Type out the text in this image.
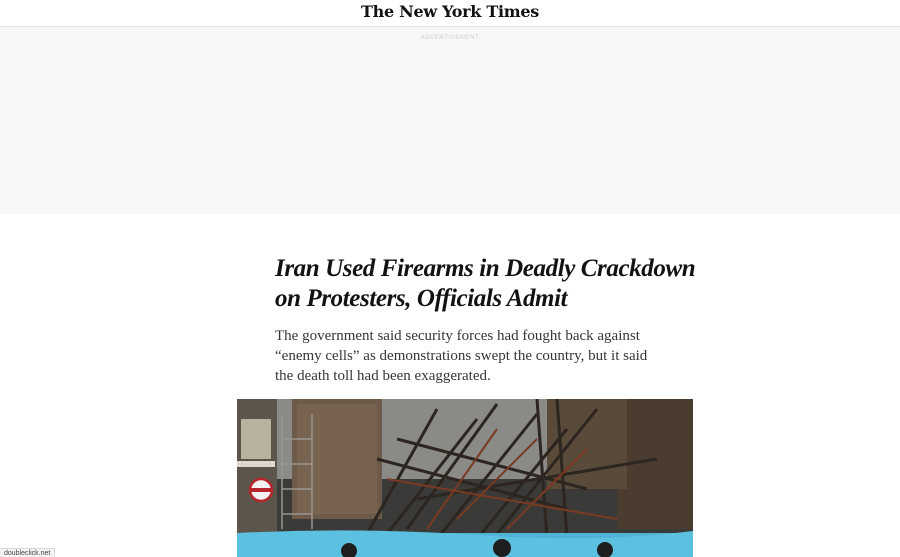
The New York Times
ADVERTISEMENT
Iran Used Firearms in Deadly Crackdown on Protesters, Officials Admit

The government said security forces had fought back against “enemy cells” as demonstrations swept the country, but it said the death toll had been exaggerated.

doubleclick.net
